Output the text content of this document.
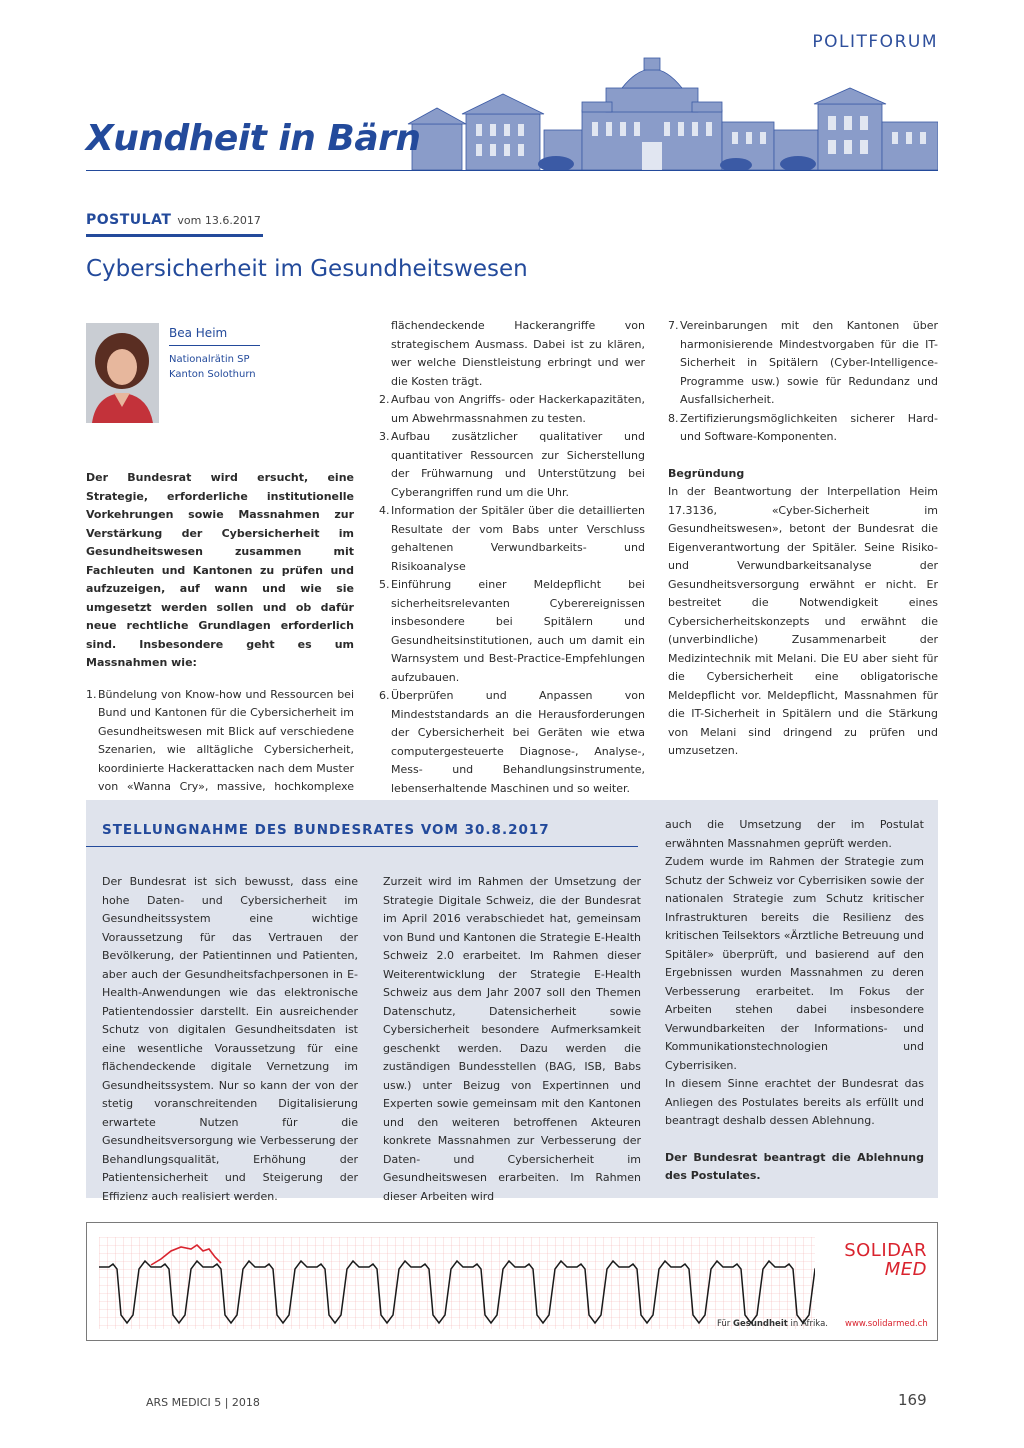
POLITFORUM
Xundheit in Bärn
POSTULAT vom 13.6.2017
Cybersicherheit im Gesundheitswesen
Bea Heim
Nationalrätin SP
Kanton Solothurn

Der Bundesrat wird ersucht, eine Strategie, erforderliche institutionelle Vorkehrungen sowie Massnahmen zur Verstärkung der Cybersicherheit im Gesundheitswesen zusammen mit Fachleuten und Kantonen zu prüfen und aufzuzeigen, auf wann und wie sie umgesetzt werden sollen und ob dafür neue rechtliche Grundlagen erforderlich sind. Insbesondere geht es um Massnahmen wie:

1. Bündelung von Know-how und Ressourcen bei Bund und Kantonen für die Cybersicherheit im Gesundheitswesen mit Blick auf verschiedene Szenarien, wie alltägliche Cybersicherheit, koordinierte Hackerattacken nach dem Muster von «Wanna Cry», massive, hochkomplexe

flächendeckende Hackerangriffe von strategischem Ausmass. Dabei ist zu klären, wer welche Dienstleistung erbringt und wer die Kosten trägt.

2. Aufbau von Angriffs- oder Hackerkapazitäten, um Abwehrmassnahmen zu testen.
3. Aufbau zusätzlicher qualitativer und quantitativer Ressourcen zur Sicherstellung der Frühwarnung und Unterstützung bei Cyberangriffen rund um die Uhr.
4. Information der Spitäler über die detaillierten Resultate der vom Babs unter Verschluss gehaltenen Verwundbarkeits- und Risikoanalyse
5. Einführung einer Meldepflicht bei sicherheitsrelevanten Cyberereignissen insbesondere bei Spitälern und Gesundheitsinstitutionen, auch um damit ein Warnsystem und Best-Practice-Empfehlungen aufzubauen.
6. Überprüfen und Anpassen von Mindeststandards an die Herausforderungen der Cybersicherheit bei Geräten wie etwa computergesteuerte Diagnose-, Analyse-, Mess- und Behandlungsinstrumente, lebenserhaltende Maschinen und so weiter.
7. Vereinbarungen mit den Kantonen über harmonisierende Mindestvorgaben für die IT-Sicherheit in Spitälern (Cyber-Intelligence-Programme usw.) sowie für Redundanz und Ausfallsicherheit.
8. Zertifizierungsmöglichkeiten sicherer Hard- und Software-Komponenten.

Begründung

In der Beantwortung der Interpellation Heim 17.3136, «Cyber-Sicherheit im Gesundheitswesen», betont der Bundesrat die Eigenverantwortung der Spitäler. Seine Risiko- und Verwundbarkeitsanalyse der Gesundheitsversorgung erwähnt er nicht. Er bestreitet die Notwendigkeit eines Cybersicherheitskonzepts und erwähnt die (unverbindliche) Zusammenarbeit der Medizintechnik mit Melani. Die EU aber sieht für die Cybersicherheit eine obligatorische Meldepflicht vor. Meldepflicht, Massnahmen für die IT-Sicherheit in Spitälern und die Stärkung von Melani sind dringend zu prüfen und umzusetzen.

STELLUNGNAHME DES BUNDESRATES VOM 30.8.2017

Der Bundesrat ist sich bewusst, dass eine hohe Daten- und Cybersicherheit im Gesundheitssystem eine wichtige Voraussetzung für das Vertrauen der Bevölkerung, der Patientinnen und Patienten, aber auch der Gesundheitsfachpersonen in E-Health-Anwendungen wie das elektronische Patientendossier darstellt. Ein ausreichender Schutz von digitalen Gesundheitsdaten ist eine wesentliche Voraussetzung für eine flächendeckende digitale Vernetzung im Gesundheitssystem. Nur so kann der von der stetig voranschreitenden Digitalisierung erwartete Nutzen für die Gesundheitsversorgung wie Verbesserung der Behandlungsqualität, Erhöhung der Patientensicherheit und Steigerung der Effizienz auch realisiert werden.

Zurzeit wird im Rahmen der Umsetzung der Strategie Digitale Schweiz, die der Bundesrat im April 2016 verabschiedet hat, gemeinsam von Bund und Kantonen die Strategie E-Health Schweiz 2.0 erarbeitet. Im Rahmen dieser Weiterentwicklung der Strategie E-Health Schweiz aus dem Jahr 2007 soll den Themen Datenschutz, Datensicherheit sowie Cybersicherheit besondere Aufmerksamkeit geschenkt werden. Dazu werden die zuständigen Bundesstellen (BAG, ISB, Babs usw.) unter Beizug von Expertinnen und Experten sowie gemeinsam mit den Kantonen und den weiteren betroffenen Akteuren konkrete Massnahmen zur Verbesserung der Daten- und Cybersicherheit im Gesundheitswesen erarbeiten. Im Rahmen dieser Arbeiten wird

auch die Umsetzung der im Postulat erwähnten Massnahmen geprüft werden.

Zudem wurde im Rahmen der Strategie zum Schutz der Schweiz vor Cyberrisiken sowie der nationalen Strategie zum Schutz kritischer Infrastrukturen bereits die Resilienz des kritischen Teilsektors «Ärztliche Betreuung und Spitäler» überprüft, und basierend auf den Ergebnissen wurden Massnahmen zu deren Verbesserung erarbeitet. Im Fokus der Arbeiten stehen dabei insbesondere Verwundbarkeiten der Informations- und Kommunikationstechnologien und Cyberrisiken.

In diesem Sinne erachtet der Bundesrat das Anliegen des Postulates bereits als erfüllt und beantragt deshalb dessen Ablehnung.

Der Bundesrat beantragt die Ablehnung des Postulates.

SOLIDAR
MED
Für Gesundheit in Afrika. www.solidarmed.ch
ARS MEDICI 5 | 2018	169
